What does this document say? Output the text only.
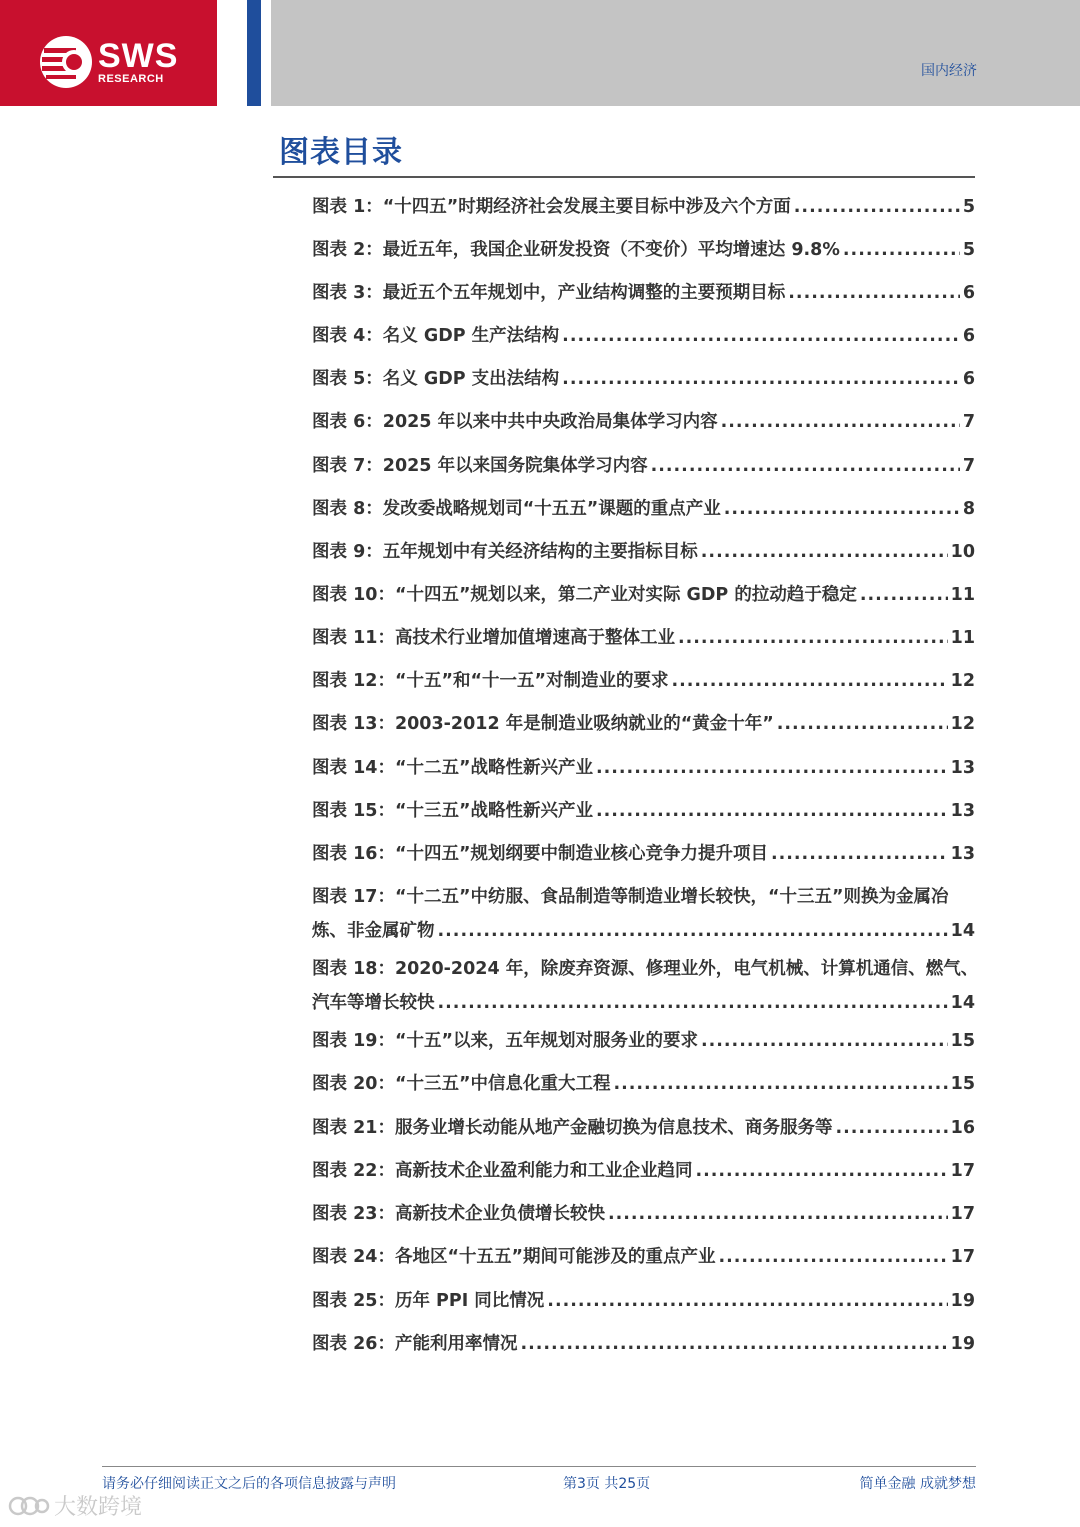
SWS
RESEARCH	国内经济
图表目录
图表 1：“十四五”时期经济社会发展主要目标中涉及六个方面 .....	5
图表 2：最近五年，我国企业研发投资（不变价）平均增速达 9.8% .....	5
图表 3：最近五个五年规划中，产业结构调整的主要预期目标 .....	6
图表 4：名义 GDP 生产法结构 .....	6
图表 5：名义 GDP 支出法结构 .....	6
图表 6：2025 年以来中共中央政治局集体学习内容 .....	7
图表 7：2025 年以来国务院集体学习内容 .....	7
图表 8：发改委战略规划司“十五五”课题的重点产业 .....	8
图表 9：五年规划中有关经济结构的主要指标目标 .....	10
图表 10：“十四五”规划以来，第二产业对实际 GDP 的拉动趋于稳定 .....	11
图表 11：高技术行业增加值增速高于整体工业 .....	11
图表 12：“十五”和“十一五”对制造业的要求 .....	12
图表 13：2003-2012 年是制造业吸纳就业的“黄金十年” .....	12
图表 14：“十二五”战略性新兴产业 .....	13
图表 15：“十三五”战略性新兴产业 .....	13
图表 16：“十四五”规划纲要中制造业核心竞争力提升项目 .....	13
图表 17：“十二五”中纺服、食品制造等制造业增长较快，“十三五”则换为金属冶
炼、非金属矿物 .....	14
图表 18：2020-2024 年，除废弃资源、修理业外，电气机械、计算机通信、燃气、
汽车等增长较快 .....	14
图表 19：“十五”以来，五年规划对服务业的要求 .....	15
图表 20：“十三五”中信息化重大工程 .....	15
图表 21：服务业增长动能从地产金融切换为信息技术、商务服务等 .....	16
图表 22：高新技术企业盈利能力和工业企业趋同 .....	17
图表 23：高新技术企业负债增长较快 .....	17
图表 24：各地区“十五五”期间可能涉及的重点产业 .....	17
图表 25：历年 PPI 同比情况 .....	19
图表 26：产能利用率情况 .....	19
请务必仔细阅读正文之后的各项信息披露与声明	第3页 共25页	简单金融 成就梦想
大数跨境
